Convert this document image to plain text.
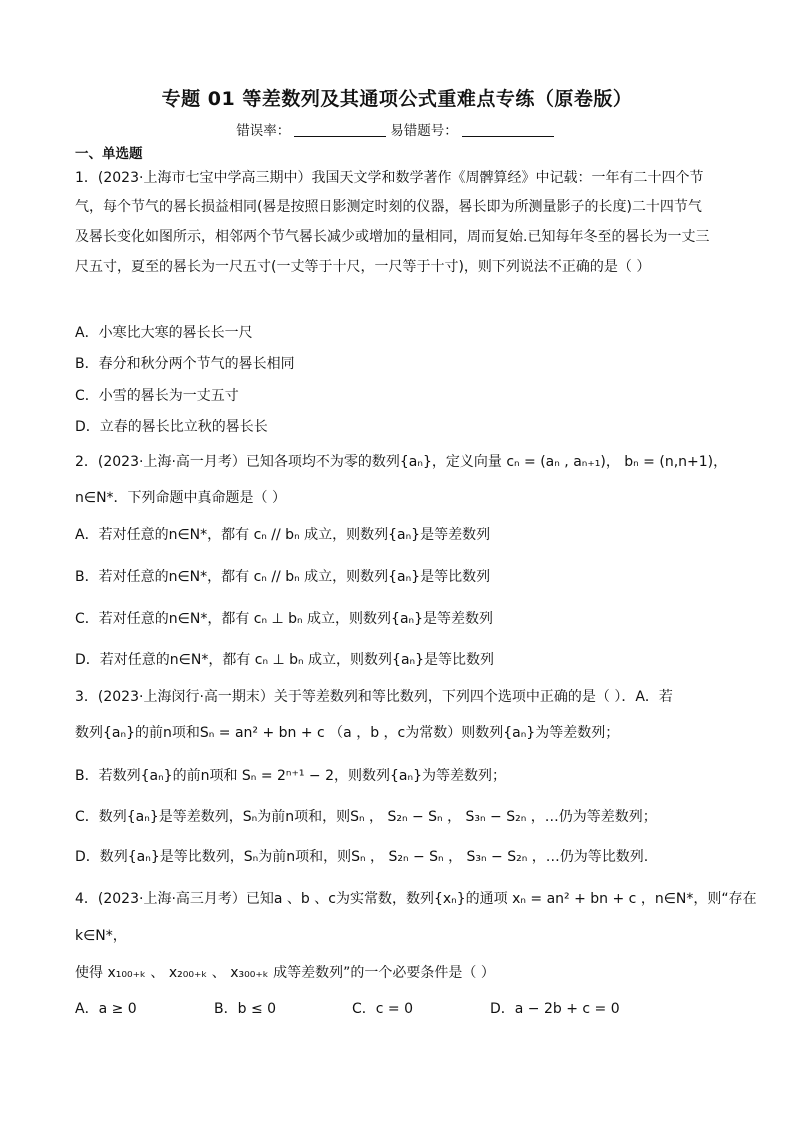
专题 01 等差数列及其通项公式重难点专练（原卷版）
错误率：	易错题号：
一、单选题
1．(2023·上海市七宝中学高三期中）我国天文学和数学著作《周髀算经》中记载：一年有二十四个节
气，每个节气的晷长损益相同(晷是按照日影测定时刻的仪器，晷长即为所测量影子的长度)二十四节气
及晷长变化如图所示，相邻两个节气晷长减少或增加的量相同，周而复始.已知每年冬至的晷长为一丈三
尺五寸，夏至的晷长为一尺五寸(一丈等于十尺，一尺等于十寸)，则下列说法不正确的是（ ）
A．小寒比大寒的晷长长一尺
B．春分和秋分两个节气的晷长相同
C．小雪的晷长为一丈五寸
D．立春的晷长比立秋的晷长长
2．(2023·上海·高一月考）已知各项均不为零的数列{aₙ}，定义向量 cₙ = (aₙ , aₙ₊₁)， bₙ = (n,n+1)，
n∈N*．下列命题中真命题是（ ）
A．若对任意的n∈N*，都有 cₙ // bₙ 成立，则数列{aₙ}是等差数列
B．若对任意的n∈N*，都有 cₙ // bₙ 成立，则数列{aₙ}是等比数列
C．若对任意的n∈N*，都有 cₙ ⊥ bₙ 成立，则数列{aₙ}是等差数列
D．若对任意的n∈N*，都有 cₙ ⊥ bₙ 成立，则数列{aₙ}是等比数列
3．(2023·上海闵行·高一期末）关于等差数列和等比数列，下列四个选项中正确的是（ ）．A．若
数列{aₙ}的前n项和Sₙ = an² + bn + c （a ，b ，c为常数）则数列{aₙ}为等差数列；
B．若数列{aₙ}的前n项和 Sₙ = 2ⁿ⁺¹ − 2，则数列{aₙ}为等差数列；
C．数列{aₙ}是等差数列，Sₙ为前n项和，则Sₙ ， S₂ₙ − Sₙ ， S₃ₙ − S₂ₙ ，…仍为等差数列；
D．数列{aₙ}是等比数列，Sₙ为前n项和，则Sₙ ， S₂ₙ − Sₙ ， S₃ₙ − S₂ₙ ，…仍为等比数列.
4．(2023·上海·高三月考）已知a 、b 、c为实常数，数列{xₙ}的通项 xₙ = an² + bn + c ，n∈N*，则“存在
k∈N*，
使得 x₁₀₀₊ₖ 、 x₂₀₀₊ₖ 、 x₃₀₀₊ₖ 成等差数列”的一个必要条件是（ ）
A．a ≥ 0	B．b ≤ 0	C．c = 0	D．a − 2b + c = 0
